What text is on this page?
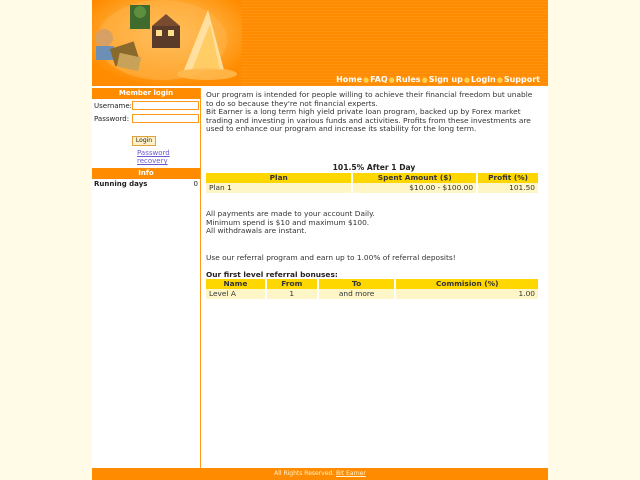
Home●FAQ●Rules●Sign up●Login●Support
Member login
Username:
Password:
Login
Password recovery
Info
Running days	0

Our program is intended for people willing to achieve their financial freedom but unable to do so because they're not financial experts.

Bit Earner is a long term high yield private loan program, backed up by Forex market trading and investing in various funds and activities. Profits from these investments are used to enhance our program and increase its stability for the long term.

101.5% After 1 Day
Plan	Spent Amount ($)	Profit (%)
Plan 1	$10.00 - $100.00	101.50

All payments are made to your account Daily.

Minimum spend is $10 and maximum $100.

All withdrawals are instant.

Use our referral program and earn up to 1.00% of referral deposits!

Our first level referral bonuses:
Name	From	To	Commision (%)
Level A	1	and more	1.00
All Rights Reserved. Bit Earner
